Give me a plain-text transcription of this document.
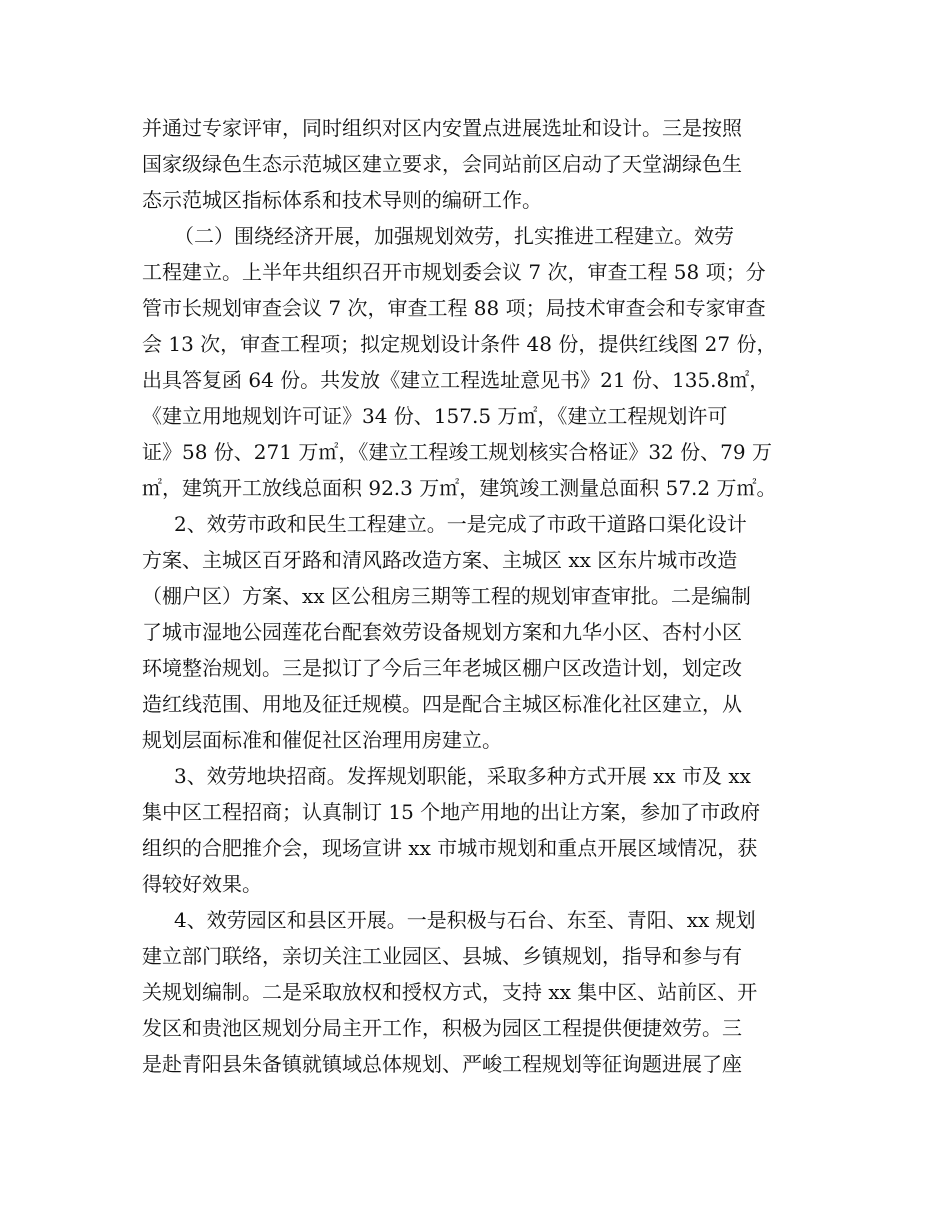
并通过专家评审，同时组织对区内安置点进展选址和设计。三是按照
国家级绿色生态示范城区建立要求，会同站前区启动了天堂湖绿色生
态示范城区指标体系和技术导则的编研工作。
（二）围绕经济开展，加强规划效劳，扎实推进工程建立。效劳
工程建立。上半年共组织召开市规划委会议 7 次，审查工程 58 项；分
管市长规划审查会议 7 次，审查工程 88 项；局技术审查会和专家审查
会 13 次，审查工程项；拟定规划设计条件 48 份，提供红线图 27 份，
出具答复函 64 份。共发放《建立工程选址意见书》21 份、135.8㎡，
《建立用地规划许可证》34 份、157.5 万㎡，《建立工程规划许可
证》58 份、271 万㎡，《建立工程竣工规划核实合格证》32 份、79 万
㎡，建筑开工放线总面积 92.3 万㎡，建筑竣工测量总面积 57.2 万㎡。
2、效劳市政和民生工程建立。一是完成了市政干道路口渠化设计
方案、主城区百牙路和清风路改造方案、主城区 xx 区东片城市改造
（棚户区）方案、xx 区公租房三期等工程的规划审查审批。二是编制
了城市湿地公园莲花台配套效劳设备规划方案和九华小区、杏村小区
环境整治规划。三是拟订了今后三年老城区棚户区改造计划，划定改
造红线范围、用地及征迁规模。四是配合主城区标准化社区建立，从
规划层面标准和催促社区治理用房建立。
3、效劳地块招商。发挥规划职能，采取多种方式开展 xx 市及 xx
集中区工程招商；认真制订 15 个地产用地的出让方案，参加了市政府
组织的合肥推介会，现场宣讲 xx 市城市规划和重点开展区域情况，获
得较好效果。
4、效劳园区和县区开展。一是积极与石台、东至、青阳、xx 规划
建立部门联络，亲切关注工业园区、县城、乡镇规划，指导和参与有
关规划编制。二是采取放权和授权方式，支持 xx 集中区、站前区、开
发区和贵池区规划分局主开工作，积极为园区工程提供便捷效劳。三
是赴青阳县朱备镇就镇域总体规划、严峻工程规划等征询题进展了座
